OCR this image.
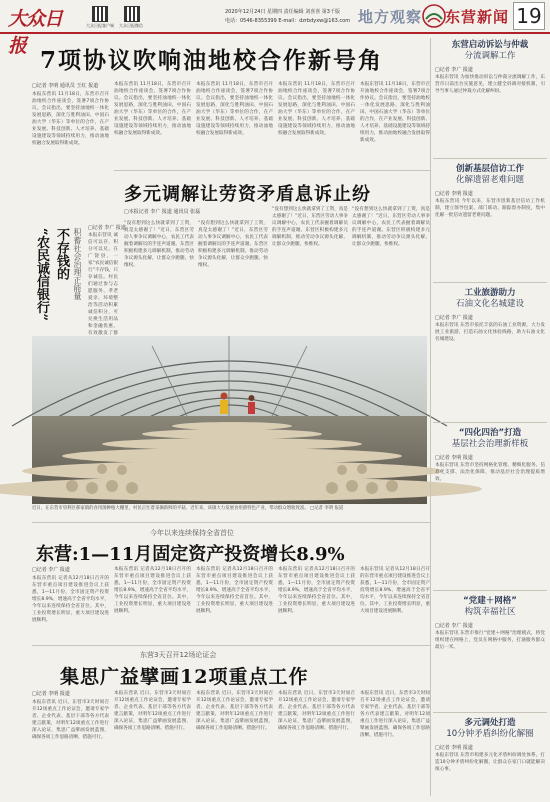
大众日报
大众日报客户端 大众日报微信
2020年12月24日 星期四 责任编辑 刘喜喜 第3千版
电话：0546-8355399 E-mail：dzrbdyxw@163.com 地方观察 东营新闻 19
7项协议吹响油地校合作新号角
□记者 李明 通讯员 王红 报道
本报东营讯 11月18日，东营市召开油地校合作座谈会，签署7项合作协议。会议指出，要坚持油地校一体化发展思路，深化与胜利油田、中国石油大学（华东）等单位的合作，在产业发展、科技创新、人才培养、基础设施建设等领域持续用力，推动油地校融合发展取得新成效。
本报东营讯 11月18日，东营市召开油地校合作座谈会，签署7项合作协议。会议指出，要坚持油地校一体化发展思路，深化与胜利油田、中国石油大学（华东）等单位的合作，在产业发展、科技创新、人才培养、基础设施建设等领域持续用力，推动油地校融合发展取得新成效。
本报东营讯 11月18日，东营市召开油地校合作座谈会，签署7项合作协议。会议指出，要坚持油地校一体化发展思路，深化与胜利油田、中国石油大学（华东）等单位的合作，在产业发展、科技创新、人才培养、基础设施建设等领域持续用力，推动油地校融合发展取得新成效。
本报东营讯 11月18日，东营市召开油地校合作座谈会，签署7项合作协议。会议指出，要坚持油地校一体化发展思路，深化与胜利油田、中国石油大学（华东）等单位的合作，在产业发展、科技创新、人才培养、基础设施建设等领域持续用力，推动油地校融合发展取得新成效。
本报东营讯 11月18日，东营市召开油地校合作座谈会，签署7项合作协议。会议指出，要坚持油地校一体化发展思路，深化与胜利油田、中国石油大学（华东）等单位的合作，在产业发展、科技创新、人才培养、基础设施建设等领域持续用力，推动油地校融合发展取得新成效。
不存钱的
“农民诚信银行”	积蓄社会治理正能量 □记者 李广 报道
本报东营讯 诚信可以存，积分可以兑。在广饶县，一家“农民诚信银行”不存钱，只存诚信。村民们通过参与志愿服务、孝老爱亲、环境整治等活动积累诚信积分，可兑换生活用品和金融优惠，有效激发了群
多元调解让劳资矛盾息诉止纷
□本报记者 李广 报道 通讯员 张磊
“没有想到这么快就拿到了工资，真是太感谢了！”近日，东营区劳动人事争议调解中心，农民工代表握着调解员的手连声道谢。东营区积极构建多元调解机制，推动劳动争议源头化解，让群众少跑腿、快维权。
“没有想到这么快就拿到了工资，真是太感谢了！”近日，东营区劳动人事争议调解中心，农民工代表握着调解员的手连声道谢。东营区积极构建多元调解机制，推动劳动争议源头化解，让群众少跑腿、快维权。
“没有想到这么快就拿到了工资，真是太感谢了！”近日，东营区劳动人事争议调解中心，农民工代表握着调解员的手连声道谢。东营区积极构建多元调解机制，推动劳动争议源头化解，让群众少跑腿、快维权。
“没有想到这么快就拿到了工资，真是太感谢了！”近日，东营区劳动人事争议调解中心，农民工代表握着调解员的手连声道谢。东营区积极构建多元调解机制，推动劳动争议源头化解，让群众少跑腿、快维权。
近日，在东营市垦利区郝家镇的食用菌种植大棚里，村民正忙着采摘新鲜的平菇。近年来，该镇大力发展食用菌特色产业，带动群众增收致富。 □记者 李明 报道
今年以来连续保持全省首位
东营:1—11月固定资产投资增长8.9%
□记者 李广 报道
本报东营讯 记者从12月18日召开的东营市重点项目建设推进会议上获悉，1—11月份，全市固定资产投资增长8.9%，增速高于全省平均水平，今年以来连续保持全省首位。其中，工业投资增长明显，重大项目建设进展顺利。
本报东营讯 记者从12月18日召开的东营市重点项目建设推进会议上获悉，1—11月份，全市固定资产投资增长8.9%，增速高于全省平均水平，今年以来连续保持全省首位。其中，工业投资增长明显，重大项目建设进展顺利。
本报东营讯 记者从12月18日召开的东营市重点项目建设推进会议上获悉，1—11月份，全市固定资产投资增长8.9%，增速高于全省平均水平，今年以来连续保持全省首位。其中，工业投资增长明显，重大项目建设进展顺利。
本报东营讯 记者从12月18日召开的东营市重点项目建设推进会议上获悉，1—11月份，全市固定资产投资增长8.9%，增速高于全省平均水平，今年以来连续保持全省首位。其中，工业投资增长明显，重大项目建设进展顺利。
本报东营讯 记者从12月18日召开的东营市重点项目建设推进会议上获悉，1—11月份，全市固定资产投资增长8.9%，增速高于全省平均水平，今年以来连续保持全省首位。其中，工业投资增长明显，重大项目建设进展顺利。
东营3天召开12场论证会
集思广益擘画12项重点工作
□记者 李明 报道
本报东营讯 近日，东营市3天时间召开12场重点工作论证会，邀请专家学者、企业代表、基层干部等各方代表建言献策，对明年12项重点工作进行深入论证，集思广益擘画发展蓝图，确保各项工作思路清晰、措施可行。
本报东营讯 近日，东营市3天时间召开12场重点工作论证会，邀请专家学者、企业代表、基层干部等各方代表建言献策，对明年12项重点工作进行深入论证，集思广益擘画发展蓝图，确保各项工作思路清晰、措施可行。
本报东营讯 近日，东营市3天时间召开12场重点工作论证会，邀请专家学者、企业代表、基层干部等各方代表建言献策，对明年12项重点工作进行深入论证，集思广益擘画发展蓝图，确保各项工作思路清晰、措施可行。
本报东营讯 近日，东营市3天时间召开12场重点工作论证会，邀请专家学者、企业代表、基层干部等各方代表建言献策，对明年12项重点工作进行深入论证，集思广益擘画发展蓝图，确保各项工作思路清晰、措施可行。
本报东营讯 近日，东营市3天时间召开12场重点工作论证会，邀请专家学者、企业代表、基层干部等各方代表建言献策，对明年12项重点工作进行深入论证，集思广益擘画发展蓝图，确保各项工作思路清晰、措施可行。
东营启动诉讼与仲裁
分流调解工作
□记者 李广 报道
本报东营讯 为加快推动诉讼与仲裁分流调解工作，东营市日前出台实施意见，建立健全诉调对接机制，引导当事人通过仲裁方式化解纠纷。
创新基层信访工作
化解遗留老难问题
□记者 李明 报道
本报东营讯 今年以来，东营市创新基层信访工作机制，建立领导包案、部门联动、跟踪督办制度，集中化解一批信访遗留老难问题。
工业旅游助力
石油文化名城建设
□记者 李广 报道
本报东营讯 东营市依托丰富的石油工业资源，大力发展工业旅游，打造石油文化体验线路，助力石油文化名城建设。
“四化四治”打造
基层社会治理新样板
□记者 李明 报道
本报东营讯 东营市坚持网格化管理、精细化服务、信息化支撑、法治化保障，推动基层社会治理提质增效。
“党建＋网格”
构筑幸福社区
□记者 李广 报道
本报东营讯 东营市推行“党建＋网格”治理模式，将党组织建在网格上，党员在网格中服务，打通服务群众最后一米。
多元调处打造
10分钟矛盾纠纷化解圈
□记者 李明 报道
本报东营讯 东营市构建多元化矛盾纠纷调处体系，打造10分钟矛盾纠纷化解圈，让群众在家门口就能解决烦心事。
